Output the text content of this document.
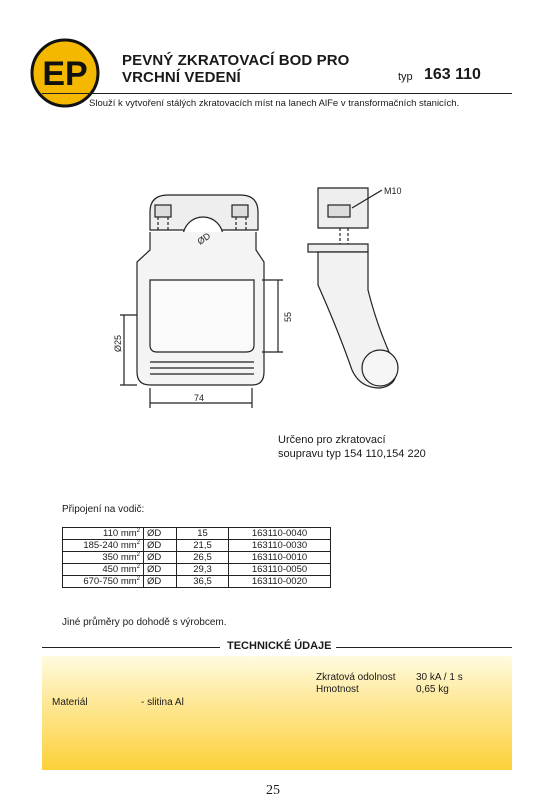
EP PEVNÝ ZKRATOVACÍ BOD PRO
VRCHNÍ VEDENÍ	typ 163 110
Slouží k vytvoření stálých zkratovacích míst na lanech AlFe v transformačních stanicích.
ØD
M10
Ø25
55
74
Určeno pro zkratovací
soupravu typ 154 110,154 220
Připojení na vodič:
110 $mm^2$	ØD	15	163110-0040
185-240 $mm^2$	ØD	21,5	163110-0030
350 $mm^2$	ØD	26,5	163110-0010
450 $mm^2$	ØD	29,3	163110-0050
670-750 $mm^2$	ØD	36,5	163110-0020
Jiné průměry po dohodě s výrobcem.
TECHNICKÉ ÚDAJE
Zkratová odolnost 30 kA / 1 s
Hmotnost	0,65 kg
Materiál	- slitina Al
25
